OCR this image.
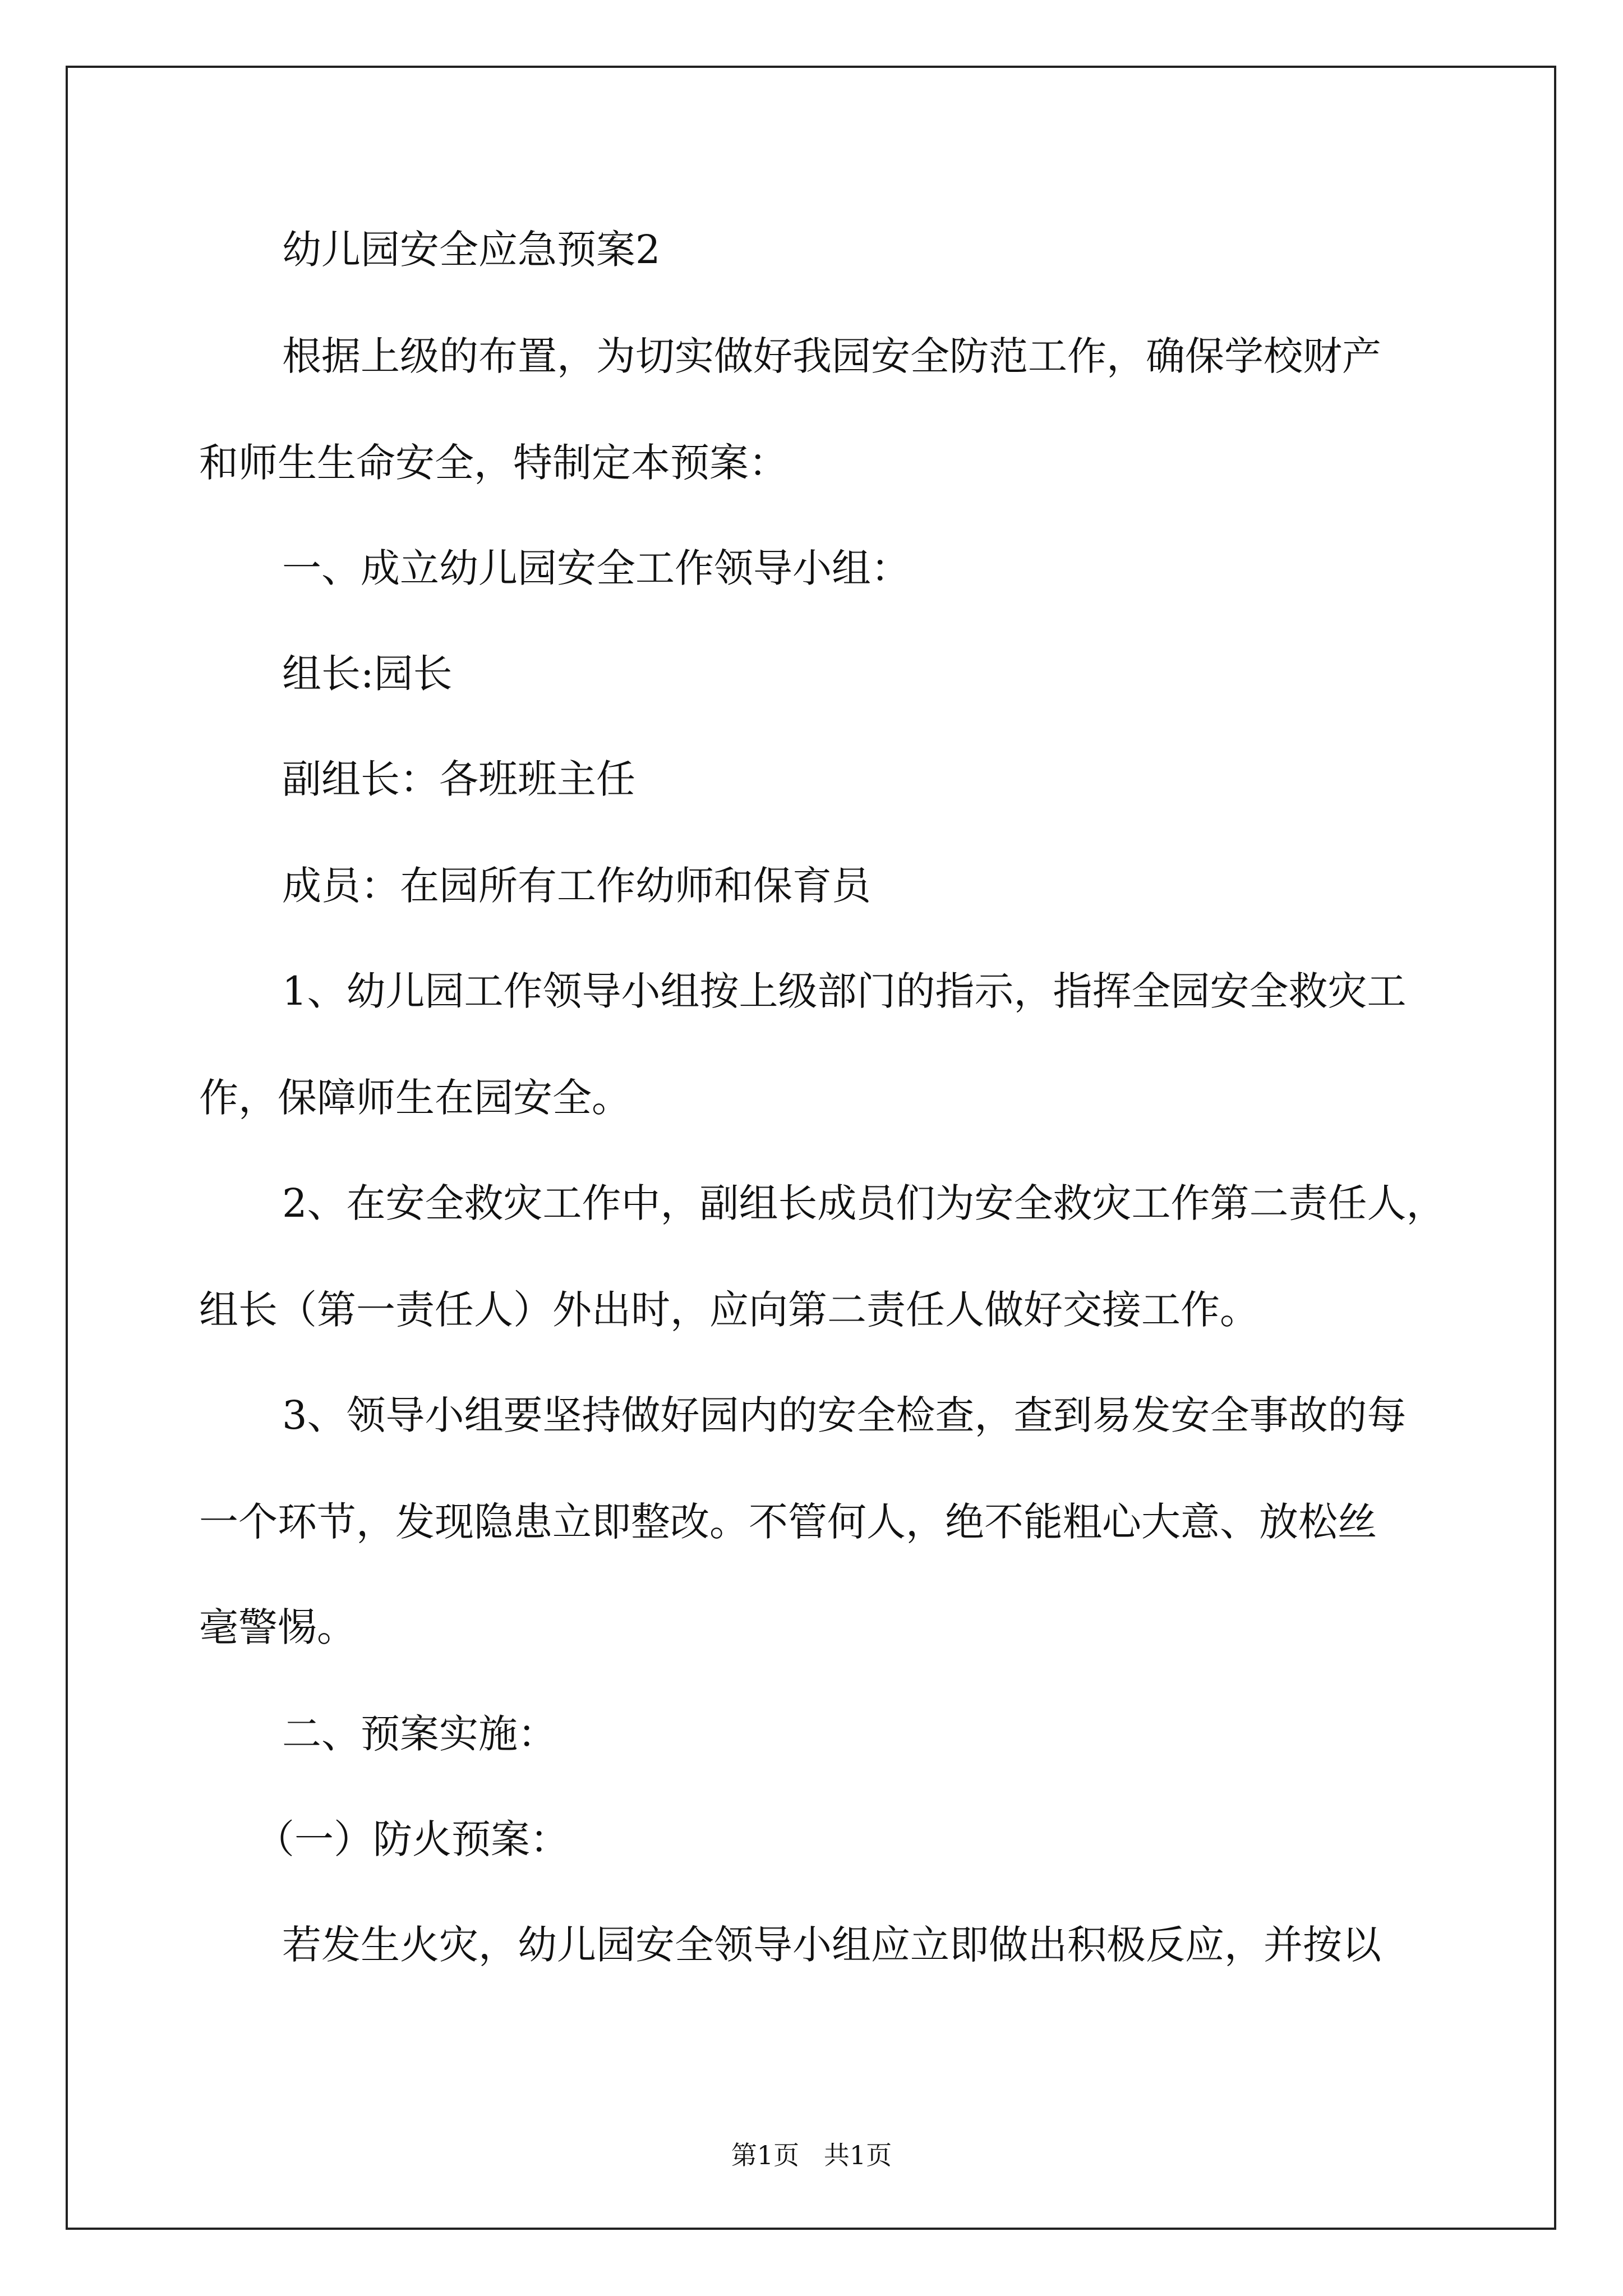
幼儿园安全应急预案2
根据上级的布置，为切实做好我园安全防范工作，确保学校财产
和师生生命安全，特制定本预案：
一、成立幼儿园安全工作领导小组：
组长:园长
副组长：各班班主任
成员：在园所有工作幼师和保育员
1、幼儿园工作领导小组按上级部门的指示，指挥全园安全救灾工
作，保障师生在园安全。
2、在安全救灾工作中，副组长成员们为安全救灾工作第二责任人，
组长（第一责任人）外出时，应向第二责任人做好交接工作。
3、领导小组要坚持做好园内的安全检查，查到易发安全事故的每
一个环节，发现隐患立即整改。不管何人，绝不能粗心大意、放松丝
毫警惕。
二、预案实施：
（一）防火预案：
若发生火灾，幼儿园安全领导小组应立即做出积极反应，并按以
第1页   共1页
